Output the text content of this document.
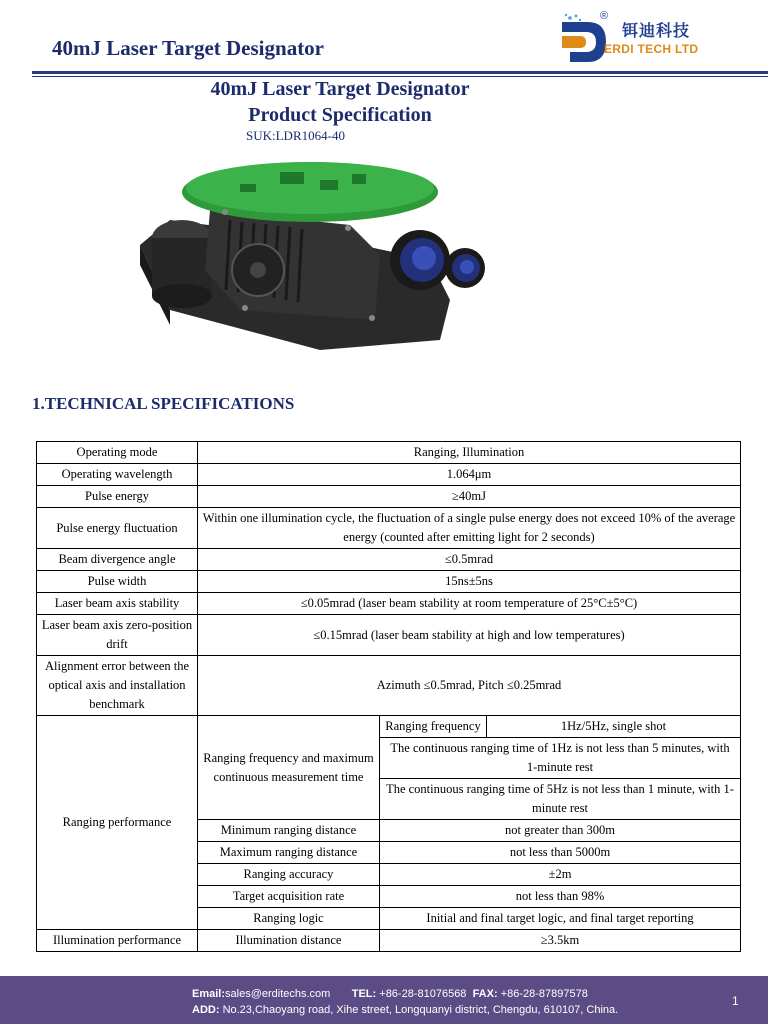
40mJ Laser Target Designator
®
铒迪科技
ERDI TECH LTD
40mJ Laser Target Designator
Product Specification
SUK:LDR1064-40
1.TECHNICAL SPECIFICATIONS
Operating mode	Ranging, Illumination		
Operating wavelength	1.064μm		
Pulse energy	≥40mJ		
Pulse energy fluctuation	Within one illumination cycle, the fluctuation of a single pulse energy does not exceed 10% of the average energy (counted after emitting light for 2 seconds)		
Beam divergence angle	≤0.5mrad		
Pulse width	15ns±5ns		
Laser beam axis stability	≤0.05mrad (laser beam stability at room temperature of 25°C±5°C)		
Laser beam axis zero-position drift	≤0.15mrad (laser beam stability at high and low temperatures)		
Alignment error between the optical axis and installation benchmark	Azimuth ≤0.5mrad, Pitch ≤0.25mrad		
Ranging performance	Ranging frequency and maximum continuous measurement time	Ranging frequency	1Hz/5Hz, single shot
		The continuous ranging time of 1Hz is not less than 5 minutes, with 1-minute rest	
		The continuous ranging time of 5Hz is not less than 1 minute, with 1-minute rest	
	Minimum ranging distance	not greater than 300m	
	Maximum ranging distance	not less than 5000m	
	Ranging accuracy	±2m	
	Target acquisition rate	not less than 98%	
	Ranging logic	Initial and final target logic, and final target reporting	
Illumination performance	Illumination distance	≥3.5km	
Email:sales@erditechs.com TEL: +86-28-81076568 FAX: +86-28-87897578
ADD: No.23,Chaoyang road, Xihe street, Longquanyi district, Chengdu, 610107, China.
1
